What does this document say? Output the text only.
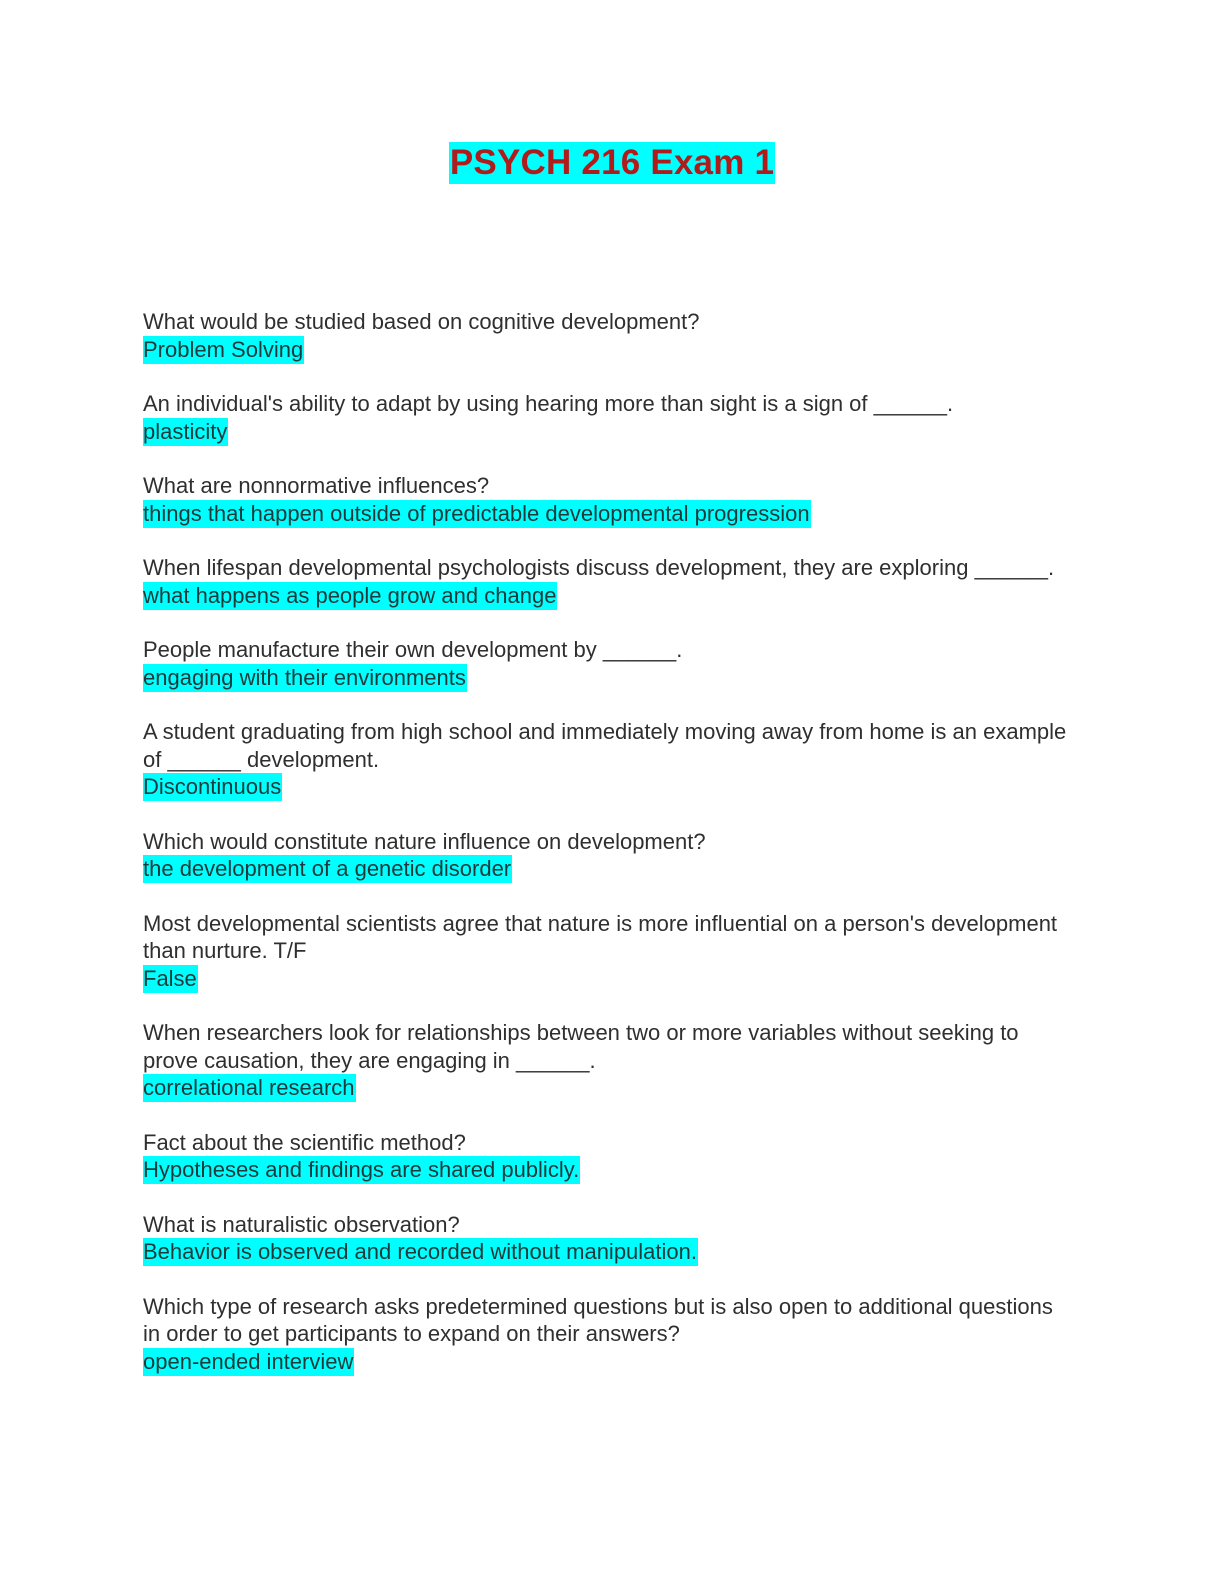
PSYCH 216 Exam 1
What would be studied based on cognitive development?
Problem Solving
An individual's ability to adapt by using hearing more than sight is a sign of ______.
plasticity
What are nonnormative influences?
things that happen outside of predictable developmental progression
When lifespan developmental psychologists discuss development, they are exploring ______.
what happens as people grow and change
People manufacture their own development by ______.
engaging with their environments
A student graduating from high school and immediately moving away from home is an example of ______ development.
Discontinuous
Which would constitute nature influence on development?
the development of a genetic disorder
Most developmental scientists agree that nature is more influential on a person's development than nurture. T/F
False
When researchers look for relationships between two or more variables without seeking to prove causation, they are engaging in ______.
correlational research
Fact about the scientific method?
Hypotheses and findings are shared publicly.
What is naturalistic observation?
Behavior is observed and recorded without manipulation.
Which type of research asks predetermined questions but is also open to additional questions in order to get participants to expand on their answers?
open-ended interview
